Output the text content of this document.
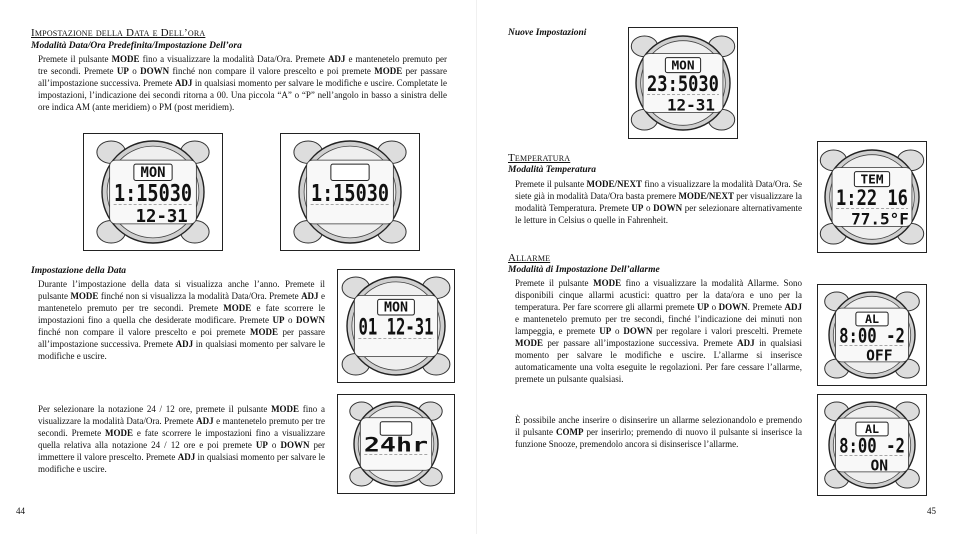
Impostazione della Data e Dell’ora
Modalità Data/Ora Predefinita/Impostazione Dell’ora
Premete il pulsante MODE fino a visualizzare la modalità Data/Ora. Premete ADJ e mantenetelo premuto per tre secondi. Premete UP o DOWN finché non compare il valore prescelto e poi premete MODE per passare all’impostazione successiva. Premete ADJ in qualsiasi momento per salvare le modifiche e uscire. Completate le impostazioni, l’indicazione dei secondi ritorna a 00. Una piccola “A” o “P” nell’angolo in basso a sinistra delle ore indica AM (ante meridiem) o PM (post meridiem).
MON
1:15030
12-31
1:15030
Impostazione della Data
Durante l’impostazione della data si visualizza anche l’anno. Premete il pulsante MODE finché non si visualizza la modalità Data/Ora. Premete ADJ e mantenetelo premuto per tre secondi. Premete MODE e fate scorrere le impostazioni fino a quella che desiderate modificare. Premete UP o DOWN finché non compare il valore prescelto e poi premete MODE per passare all’impostazione successiva. Premete ADJ in qualsiasi momento per salvare le modifiche e uscire.
MON
01 12-31
Per selezionare la notazione 24 / 12 ore, premete il pulsante MODE fino a visualizzare la modalità Data/Ora. Premete ADJ e mantenetelo premuto per tre secondi. Premete MODE e fate scorrere le impostazioni fino a visualizzare quella relativa alla notazione 24 / 12 ore e poi premete UP o DOWN per immettere il valore prescelto. Premete ADJ in qualsiasi momento per salvare le modifiche e uscire.
24hr
44
Nuove Impostazioni
MON
23:5030
12-31
Temperatura
Modalità Temperatura
Premete il pulsante MODE/NEXT fino a visualizzare la modalità Data/Ora. Se siete già in modalità Data/Ora basta premere MODE/NEXT per visualizzare la modalità Temperatura. Premete UP o DOWN per selezionare alternativamente le letture in Celsius o quelle in Fahrenheit.
TEM
1:22 16
77.5°F
Allarme
Modalità di Impostazione Dell’allarme
Premete il pulsante MODE fino a visualizzare la modalità Allarme. Sono disponibili cinque allarmi acustici: quattro per la data/ora e uno per la temperatura. Per fare scorrere gli allarmi premete UP o DOWN. Premete ADJ e mantenetelo premuto per tre secondi, finché l’indicazione dei minuti non lampeggia, e premete UP o DOWN per regolare i valori prescelti. Premete MODE per passare all’impostazione successiva. Premete ADJ in qualsiasi momento per salvare le modifiche e uscire. L’allarme si inserisce automaticamente una volta eseguite le regolazioni. Per fare cessare l’allarme, premete un pulsante qualsiasi.
AL
8:00 -2
OFF
È possibile anche inserire o disinserire un allarme selezionandolo e premendo il pulsante COMP per inserirlo; premendo di nuovo il pulsante si inserisce la funzione Snooze, premendolo ancora si disinserisce l’allarme.
AL
8:00 -2
ON
45
